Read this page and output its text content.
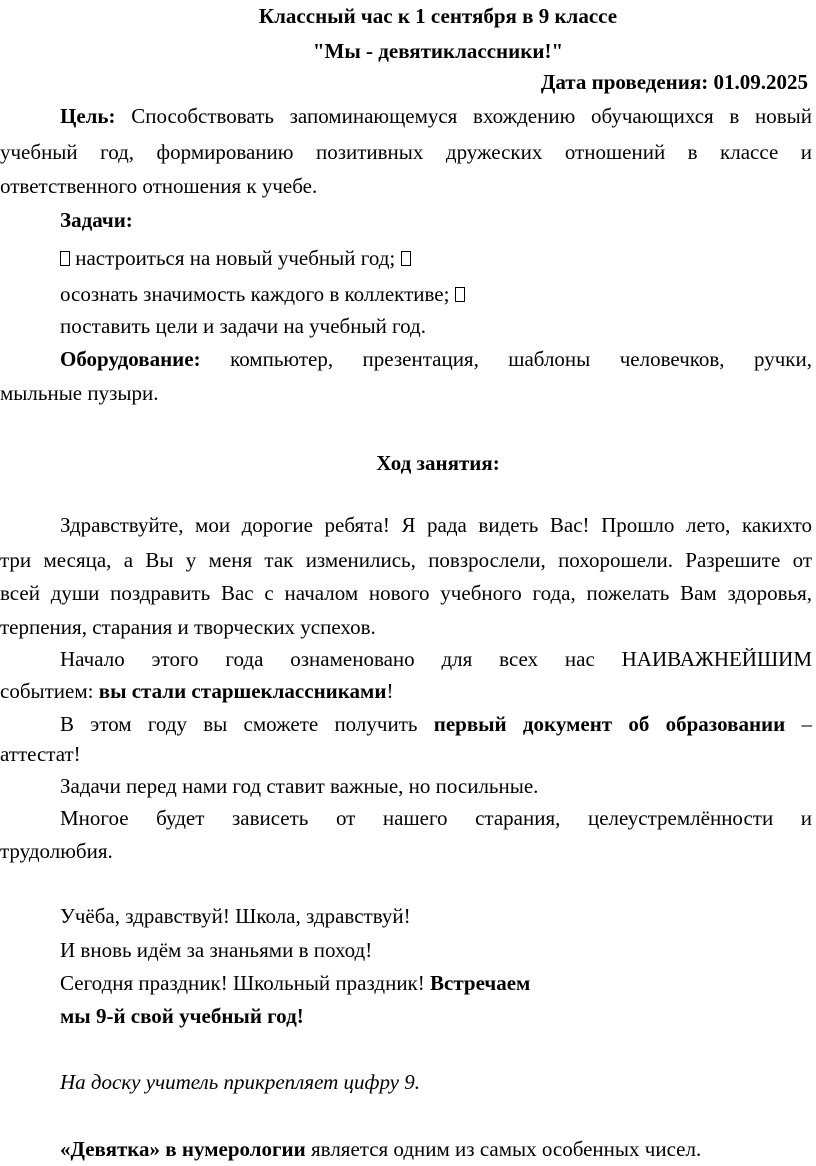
Классный час к 1 сентября в 9 классе
"Мы - девятиклассники!"
Дата проведения: 01.09.2025
Цель: Способствовать запоминающемуся вхождению обучающихся в новый
учебный год, формированию позитивных дружеских отношений в классе и
ответственного отношения к учебе.
Задачи:
настроиться на новый учебный год;
осознать значимость каждого в коллективе;
поставить цели и задачи на учебный год.
Оборудование: компьютер, презентация, шаблоны человечков, ручки,
мыльные пузыри.
Ход занятия:
Здравствуйте, мои дорогие ребята! Я рада видеть Вас! Прошло лето, какихто
три месяца, а Вы у меня так изменились, повзрослели, похорошели. Разрешите от
всей души поздравить Вас с началом нового учебного года, пожелать Вам здоровья,
терпения, старания и творческих успехов.
Начало этого года ознаменовано для всех нас НАИВАЖНЕЙШИМ
событием: вы стали старшеклассниками!
В этом году вы сможете получить первый документ об образовании –
аттестат!
Задачи перед нами год ставит важные, но посильные.
Многое будет зависеть от нашего старания, целеустремлённости и
трудолюбия.
Учёба, здравствуй! Школа, здравствуй!
И вновь идём за знаньями в поход!
Сегодня праздник! Школьный праздник! Встречаем
мы 9-й свой учебный год!
На доску учитель прикрепляет цифру 9.
«Девятка» в нумерологии является одним из самых особенных чисел.
